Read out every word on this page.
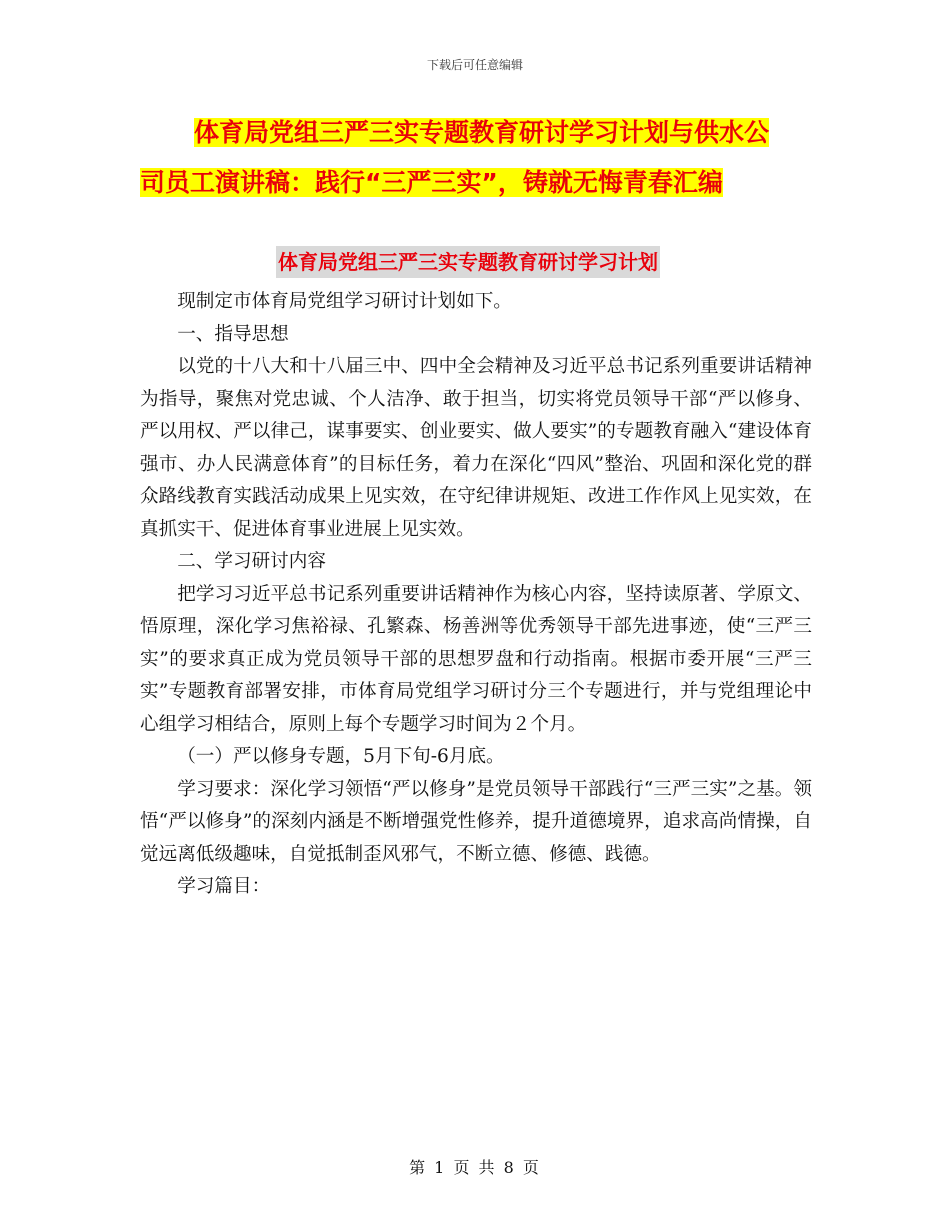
下载后可任意编辑
体育局党组三严三实专题教育研讨学习计划与供水公
司员工演讲稿：践行“三严三实”，铸就无悔青春汇编
体育局党组三严三实专题教育研讨学习计划

现制定市体育局党组学习研讨计划如下。

一、指导思想

以党的十八大和十八届三中、四中全会精神及习近平总书记系列重要讲话精神为指导，聚焦对党忠诚、个人洁净、敢于担当，切实将党员领导干部“严以修身、严以用权、严以律己，谋事要实、创业要实、做人要实”的专题教育融入“建设体育强市、办人民满意体育”的目标任务，着力在深化“四风”整治、巩固和深化党的群众路线教育实践活动成果上见实效，在守纪律讲规矩、改进工作作风上见实效，在真抓实干、促进体育事业进展上见实效。

二、学习研讨内容

把学习习近平总书记系列重要讲话精神作为核心内容，坚持读原著、学原文、悟原理，深化学习焦裕禄、孔繁森、杨善洲等优秀领导干部先进事迹，使“三严三实”的要求真正成为党员领导干部的思想罗盘和行动指南。根据市委开展“三严三实”专题教育部署安排，市体育局党组学习研讨分三个专题进行，并与党组理论中心组学习相结合，原则上每个专题学习时间为２个月。

（一）严以修身专题，5月下旬-6月底。

学习要求：深化学习领悟“严以修身”是党员领导干部践行“三严三实”之基。领悟“严以修身”的深刻内涵是不断增强党性修养，提升道德境界，追求高尚情操，自觉远离低级趣味，自觉抵制歪风邪气，不断立德、修德、践德。

学习篇目：

第 1 页 共 8 页
